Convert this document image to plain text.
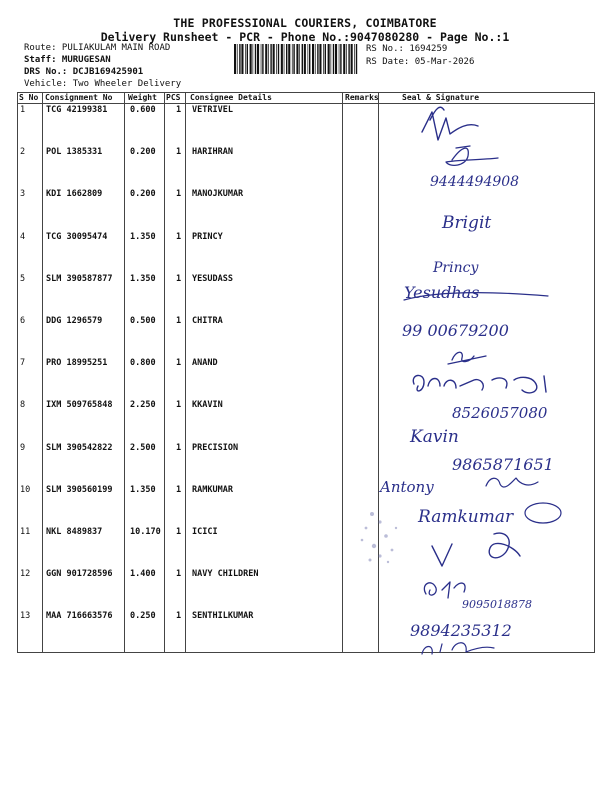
THE PROFESSIONAL COURIERS, COIMBATORE
Delivery Runsheet - PCR - Phone No.:9047080280 - Page No.:1
Route: PULIAKULAM MAIN ROAD
Staff: MURUGESAN
DRS No.: DCJB169425901
Vehicle: Two Wheeler Delivery
RS No.: 1694259
RS Date: 05-Mar-2026
S No Consignment No Weight PCS Consignee Details	Remarks	Seal & Signature
1 TCG 42199381	0.600 1 VETRIVEL
2 POL 1385331	0.200 1 HARIHRAN
3 KDI 1662809	0.200 1 MANOJKUMAR
4 TCG 30095474	1.350 1 PRINCY
5 SLM 390587877 1.350 1 YESUDASS
6 DDG 1296579	0.500 1 CHITRA
7 PRO 18995251	0.800 1 ANAND
8 IXM 509765848 2.250 1 KKAVIN
9 SLM 390542822 2.500 1 PRECISION
10 SLM 390560199 1.350 1 RAMKUMAR
11 NKL 8489837	10.170 1 ICICI
12 GGN 901728596 1.400 1 NAVY CHILDREN
13 MAA 716663576 0.250 1 SENTHILKUMAR
9444494908
Brigit
Princy
Yesudhas
99 00679200
8526057080
Kavin
9865871651
Antony
Ramkumar
9095018878
9894235312
